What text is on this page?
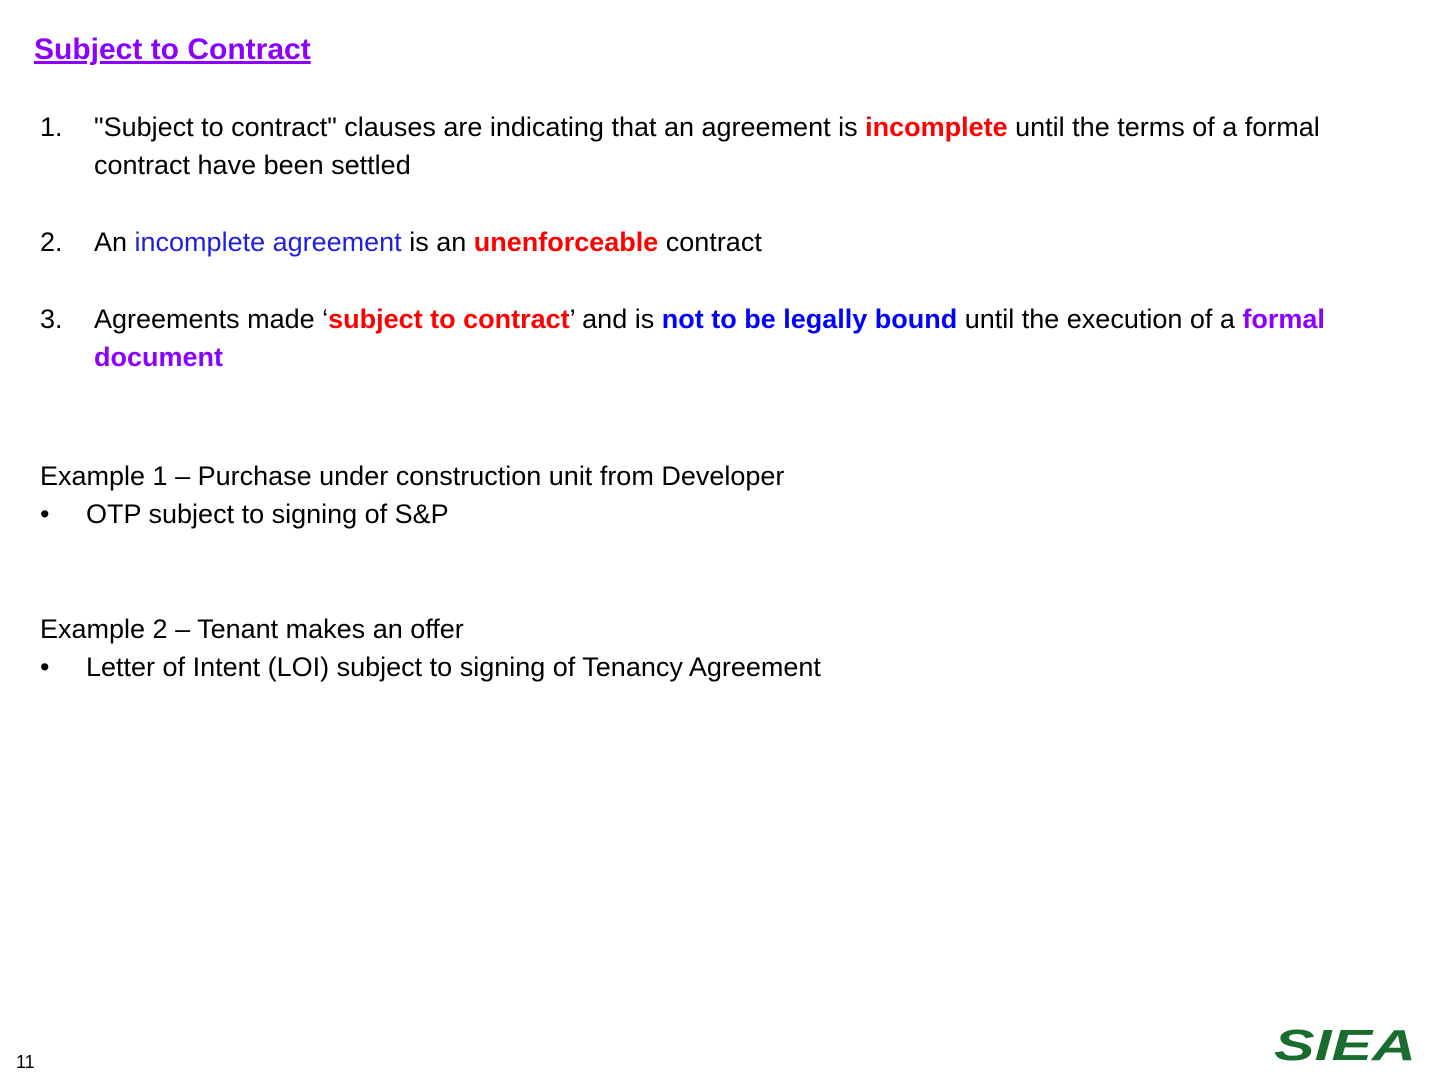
Subject to Contract
1. "Subject to contract" clauses are indicating that an agreement is incomplete until the terms of a formal contract have been settled
2. An incomplete agreement is an unenforceable contract
3. Agreements made ‘subject to contract’ and is not to be legally bound until the execution of a formal document
Example 1 – Purchase under construction unit from Developer
• OTP subject to signing of S&P
Example 2 – Tenant makes an offer
• Letter of Intent (LOI) subject to signing of Tenancy Agreement
11	SIEA
